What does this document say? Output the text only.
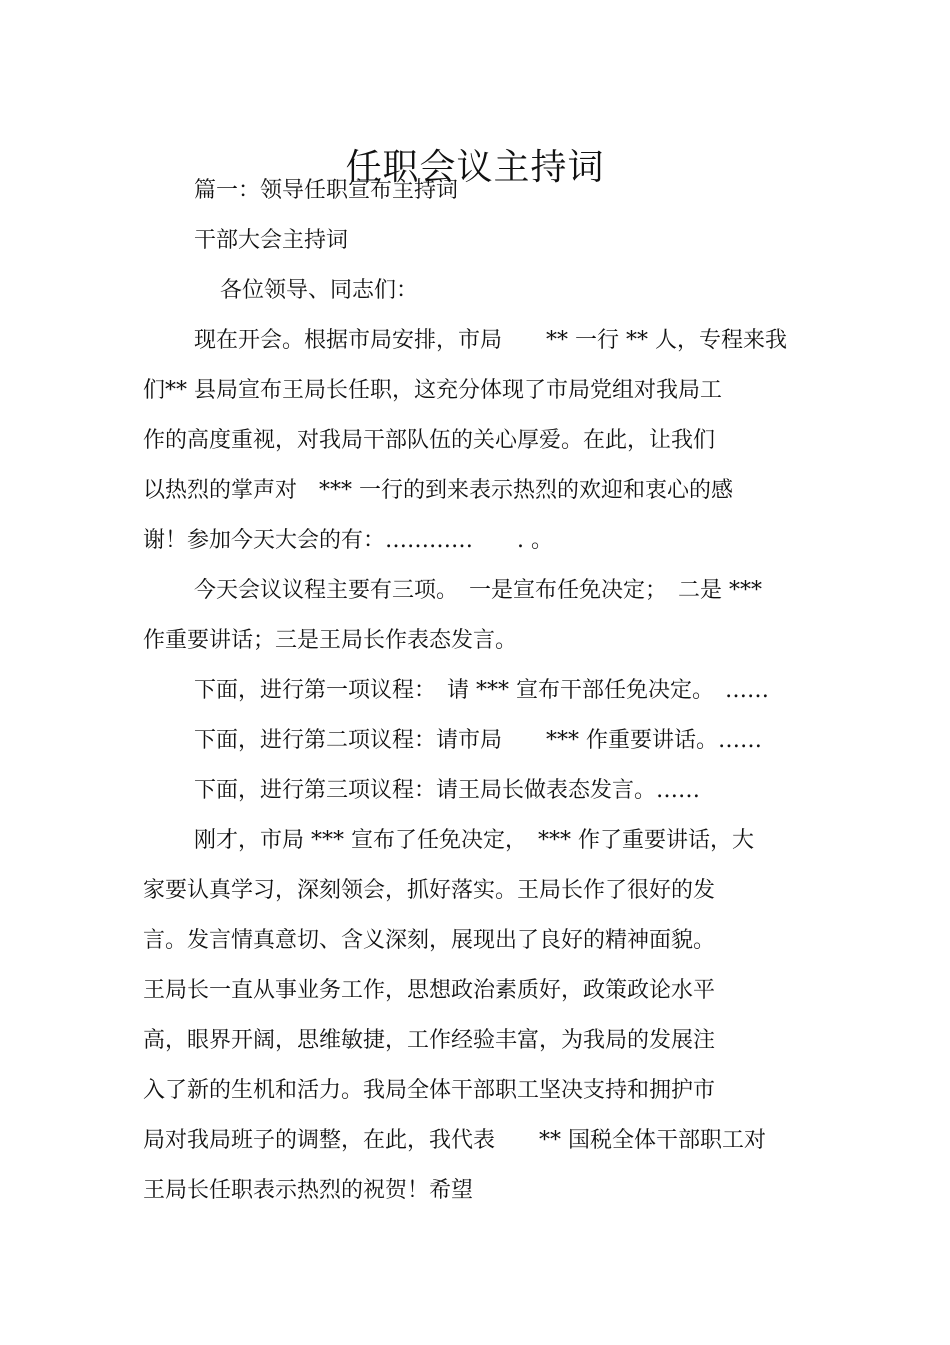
任职会议主持词
篇一：领导任职宣布主持词
干部大会主持词
各位领导、同志们：
现在开会。根据市局安排，市局　　** 一行 ** 人，专程来我
们** 县局宣布王局长任职，这充分体现了市局党组对我局工
作的高度重视，对我局干部队伍的关心厚爱。在此，让我们
以热烈的掌声对　*** 一行的到来表示热烈的欢迎和衷心的感
谢！参加今天大会的有：…………　　. 。
今天会议议程主要有三项。　一是宣布任免决定；　二是 ***
作重要讲话；三是王局长作表态发言。
下面，进行第一项议程：　请 *** 宣布干部任免决定。　……
下面，进行第二项议程：请市局　　*** 作重要讲话。……
下面，进行第三项议程：请王局长做表态发言。……
刚才，市局 *** 宣布了任免决定，　*** 作了重要讲话，大
家要认真学习，深刻领会，抓好落实。王局长作了很好的发
言。发言情真意切、含义深刻，展现出了良好的精神面貌。
王局长一直从事业务工作，思想政治素质好，政策政论水平
高，眼界开阔，思维敏捷，工作经验丰富，为我局的发展注
入了新的生机和活力。我局全体干部职工坚决支持和拥护市
局对我局班子的调整，在此，我代表　　** 国税全体干部职工对
王局长任职表示热烈的祝贺！希望
